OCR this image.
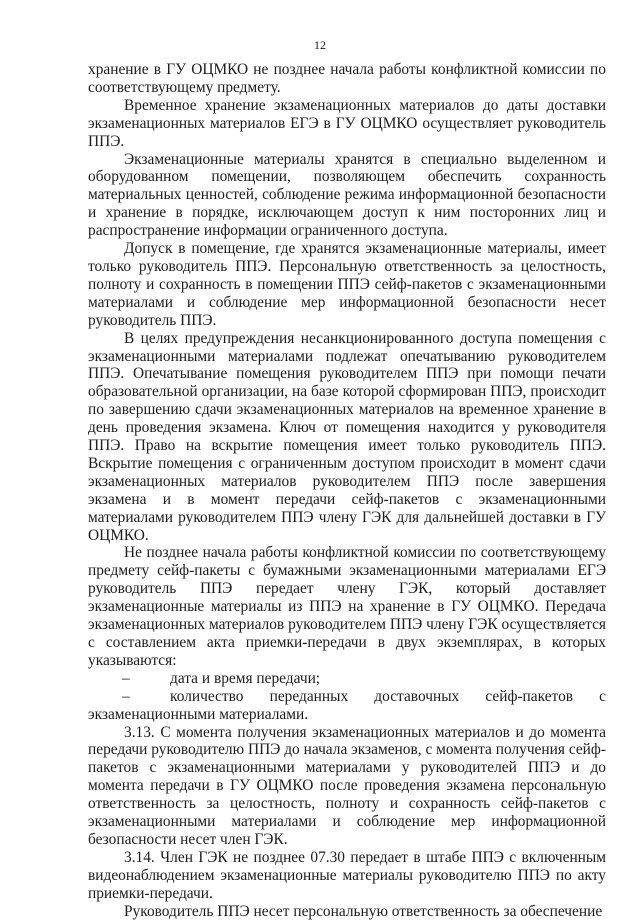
12

хранение в ГУ ОЦМКО не позднее начала работы конфликтной комиссии по соответствующему предмету.

Временное хранение экзаменационных материалов до даты доставки экзаменационных материалов ЕГЭ в ГУ ОЦМКО осуществляет руководитель ППЭ.

Экзаменационные материалы хранятся в специально выделенном и оборудованном помещении, позволяющем обеспечить сохранность материальных ценностей, соблюдение режима информационной безопасности и хранение в порядке, исключающем доступ к ним посторонних лиц и распространение информации ограниченного доступа.

Допуск в помещение, где хранятся экзаменационные материалы, имеет только руководитель ППЭ. Персональную ответственность за целостность, полноту и сохранность в помещении ППЭ сейф-пакетов с экзаменационными материалами и соблюдение мер информационной безопасности несет руководитель ППЭ.

В целях предупреждения несанкционированного доступа помещения с экзаменационными материалами подлежат опечатыванию руководителем ППЭ. Опечатывание помещения руководителем ППЭ при помощи печати образовательной организации, на базе которой сформирован ППЭ, происходит по завершению сдачи экзаменационных материалов на временное хранение в день проведения экзамена. Ключ от помещения находится у руководителя ППЭ. Право на вскрытие помещения имеет только руководитель ППЭ. Вскрытие помещения с ограниченным доступом происходит в момент сдачи экзаменационных материалов руководителем ППЭ после завершения экзамена и в момент передачи сейф-пакетов с экзаменационными материалами руководителем ППЭ члену ГЭК для дальнейшей доставки в ГУ ОЦМКО.

Не позднее начала работы конфликтной комиссии по соответствующему предмету сейф-пакеты с бумажными экзаменационными материалами ЕГЭ руководитель ППЭ передает члену ГЭК, который доставляет экзаменационные материалы из ППЭ на хранение в ГУ ОЦМКО. Передача экзаменационных материалов руководителем ППЭ члену ГЭК осуществляется с составлением акта приемки-передачи в двух экземплярах, в которых указываются:

–	дата и время передачи;
–	количество переданных доставочных сейф-пакетов с

экзаменационными материалами.

3.13. С момента получения экзаменационных материалов и до момента передачи руководителю ППЭ до начала экзаменов, с момента получения сейф-пакетов с экзаменационными материалами у руководителей ППЭ и до момента передачи в ГУ ОЦМКО после проведения экзамена персональную ответственность за целостность, полноту и сохранность сейф-пакетов с экзаменационными материалами и соблюдение мер информационной безопасности несет член ГЭК.

3.14. Член ГЭК не позднее 07.30 передает в штабе ППЭ с включенным видеонаблюдением экзаменационные материалы руководителю ППЭ по акту приемки-передачи.

Руководитель ППЭ несет персональную ответственность за обеспечение
